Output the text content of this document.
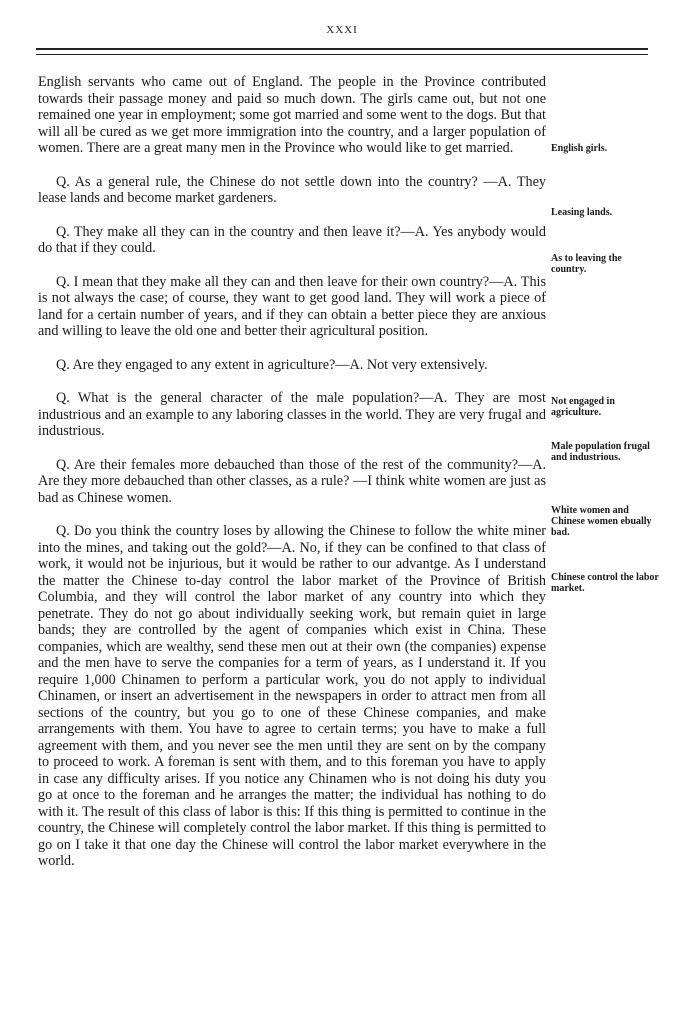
XXXI

English servants who came out of England. The people in the Province contributed towards their passage money and paid so much down. The girls came out, but not one remained one year in employment; some got married and some went to the dogs. But that will all be cured as we get more immigration into the country, and a larger population of women. There are a great many men in the Province who would like to get married.

Q. As a general rule, the Chinese do not settle down into the country? —A. They lease lands and become market gardeners.

Q. They make all they can in the country and then leave it?—A. Yes anybody would do that if they could.

Q. I mean that they make all they can and then leave for their own country?—A. This is not always the case; of course, they want to get good land. They will work a piece of land for a certain number of years, and if they can obtain a better piece they are anxious and willing to leave the old one and better their agricultural position.

Q. Are they engaged to any extent in agriculture?—A. Not very extensively.

Q. What is the general character of the male population?—A. They are most industrious and an example to any laboring classes in the world. They are very frugal and industrious.

Q. Are their females more debauched than those of the rest of the community?—A. Are they more debauched than other classes, as a rule? —I think white women are just as bad as Chinese women.

Q. Do you think the country loses by allowing the Chinese to follow the white miner into the mines, and taking out the gold?—A. No, if they can be confined to that class of work, it would not be injurious, but it would be rather to our advantge. As I understand the matter the Chinese to-day control the labor market of the Province of British Columbia, and they will control the labor market of any country into which they penetrate. They do not go about individually seeking work, but remain quiet in large bands; they are controlled by the agent of companies which exist in China. These companies, which are wealthy, send these men out at their own (the companies) expense and the men have to serve the companies for a term of years, as I understand it. If you require 1,000 Chinamen to perform a particular work, you do not apply to individual Chinamen, or insert an advertisement in the newspapers in order to attract men from all sections of the country, but you go to one of these Chinese companies, and make arrangements with them. You have to agree to certain terms; you have to make a full agreement with them, and you never see the men until they are sent on by the company to proceed to work. A foreman is sent with them, and to this foreman you have to apply in case any difficulty arises. If you notice any Chinamen who is not doing his duty you go at once to the foreman and he arranges the matter; the individual has nothing to do with it. The result of this class of labor is this: If this thing is permitted to continue in the country, the Chinese will completely control the labor market. If this thing is permitted to go on I take it that one day the Chinese will control the labor market everywhere in the world.

English girls.
Leasing lands.
As to leaving the country.
Not engaged in agriculture.
Male population frugal and industrious.
White women and Chinese women ebually bad.
Chinese control the labor market.
